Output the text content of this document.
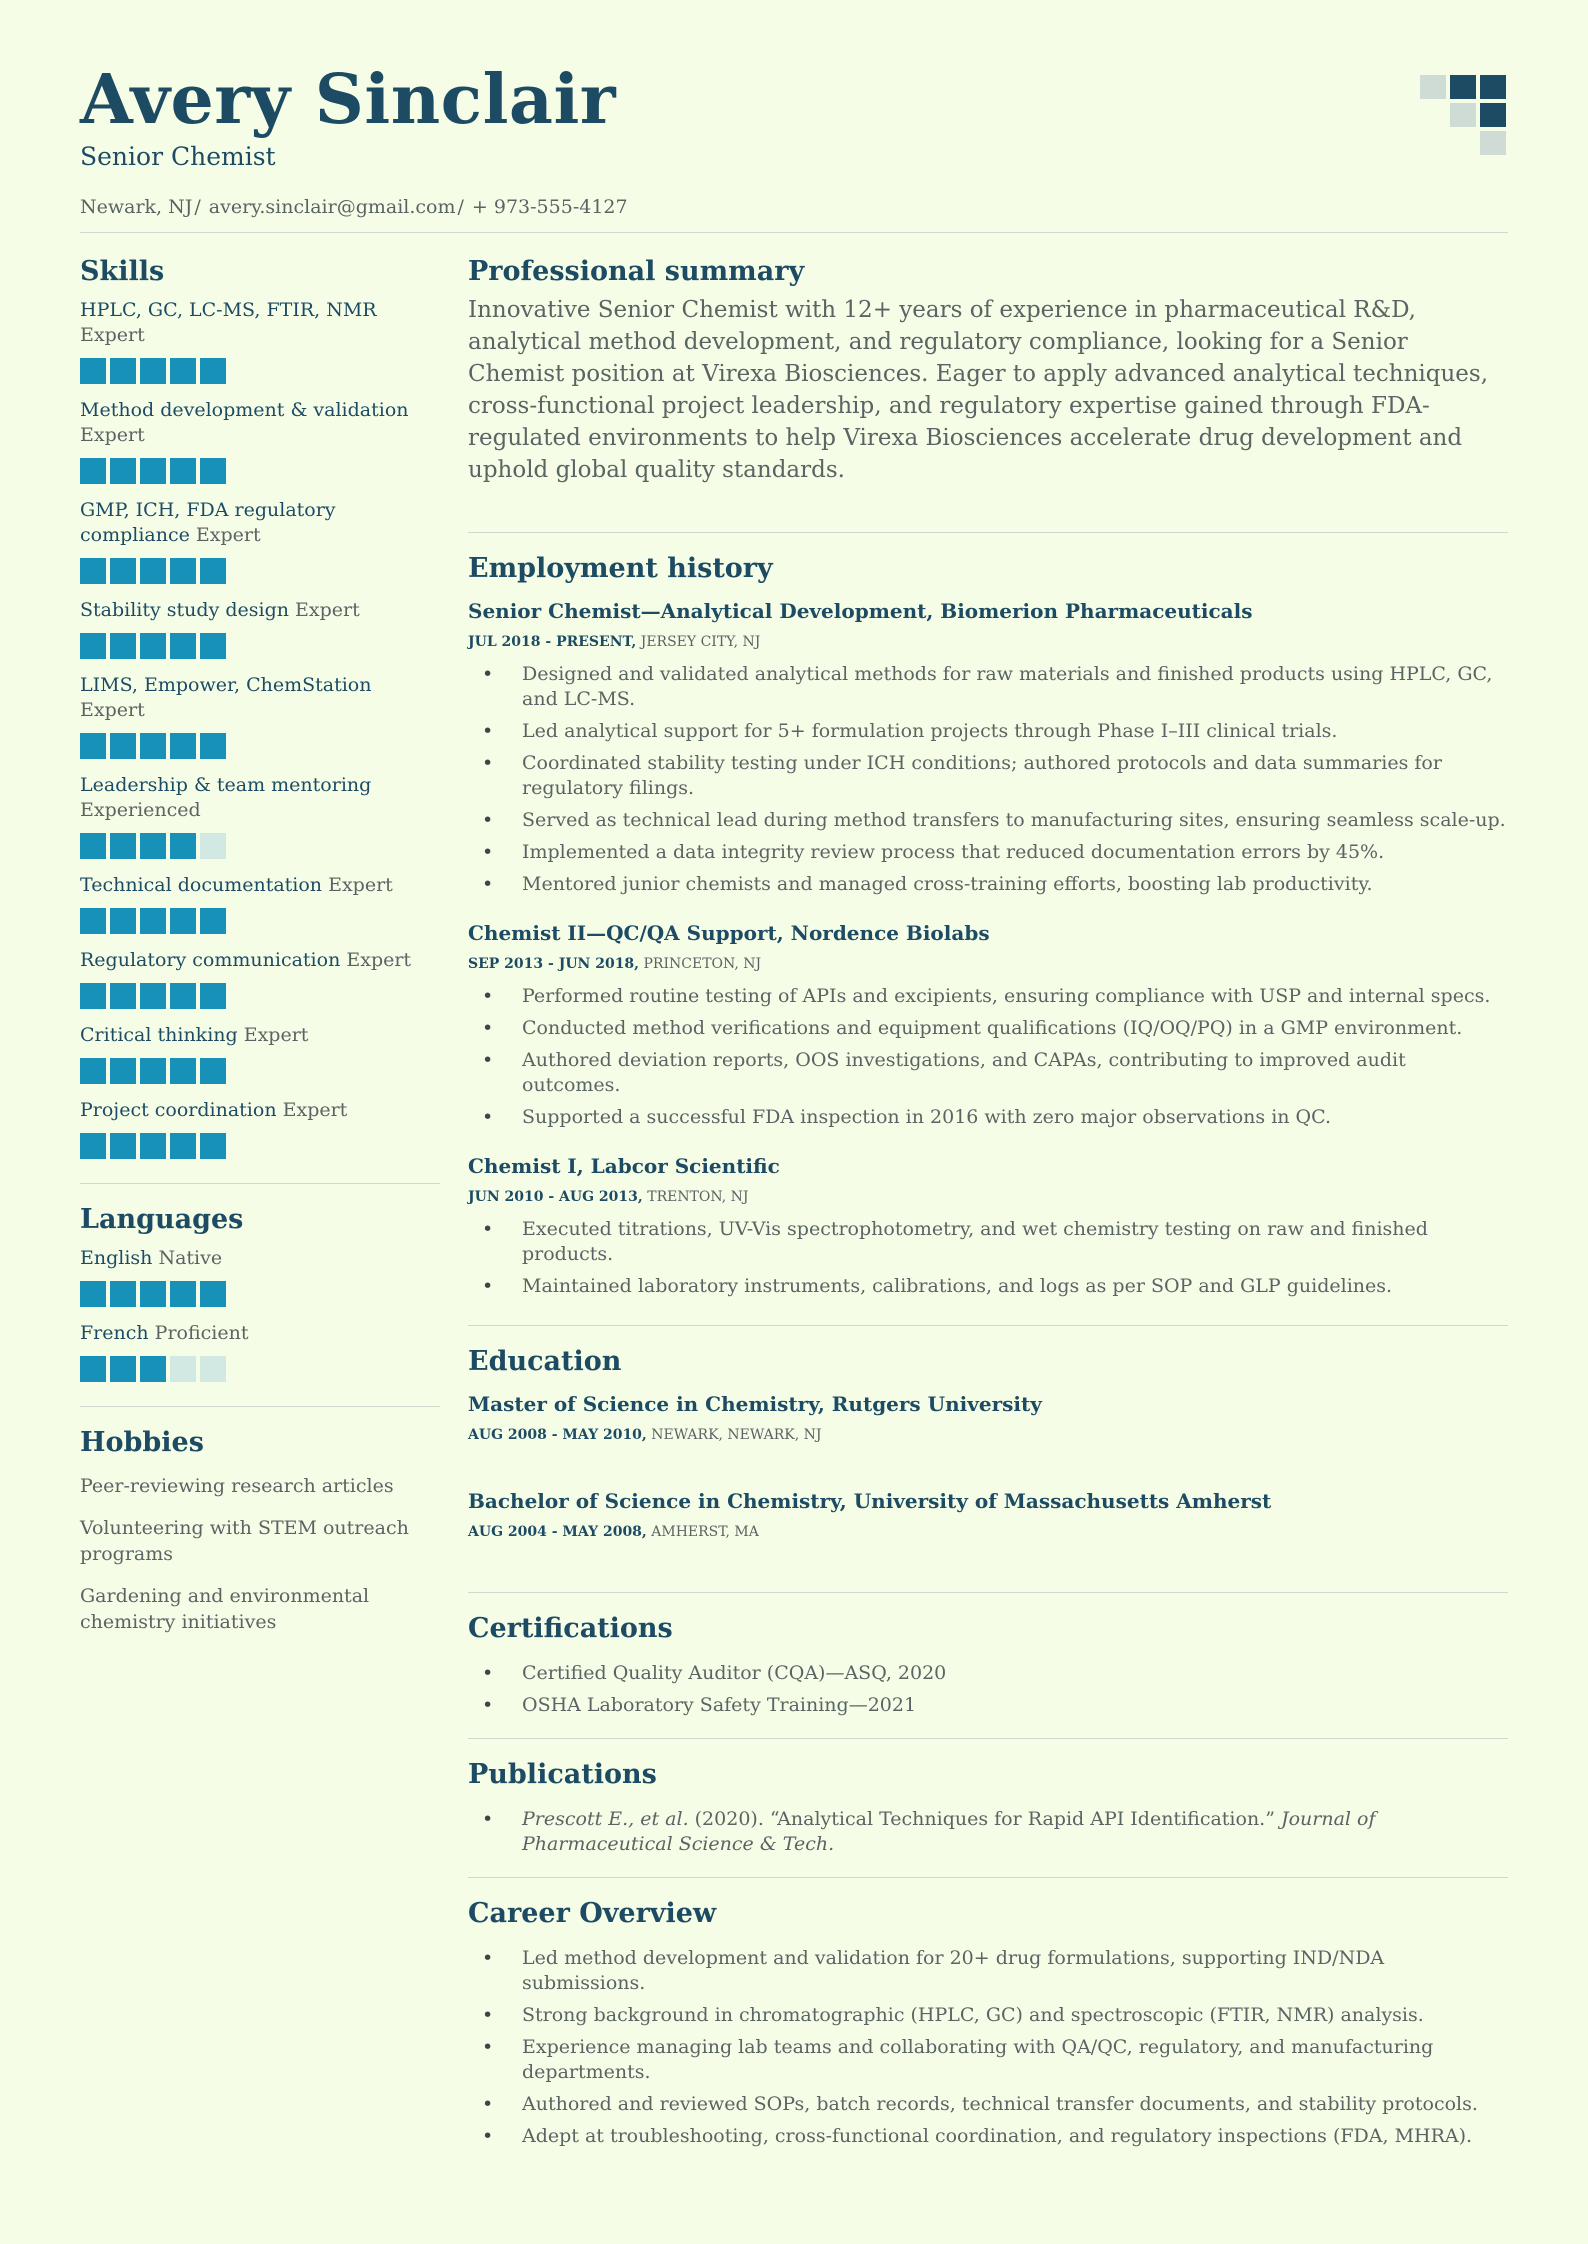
Avery Sinclair
Senior Chemist
Newark, NJ / avery.sinclair@gmail.com / + 973-555-4127
Skills
HPLC, GC, LC-MS, FTIR, NMR Expert
Method development & validation Expert
GMP, ICH, FDA regulatory compliance Expert
Stability study design Expert
LIMS, Empower, ChemStation Expert
Leadership & team mentoring Experienced
Technical documentation Expert
Regulatory communication Expert
Critical thinking Expert
Project coordination Expert
Languages
English Native
French Proficient
Hobbies
Peer-reviewing research articles
Volunteering with STEM outreach programs
Gardening and environmental chemistry initiatives
Professional summary
Innovative Senior Chemist with 12+ years of experience in pharmaceutical R&D, analytical method development, and regulatory compliance, looking for a Senior Chemist position at Virexa Biosciences. Eager to apply advanced analytical techniques, cross-functional project leadership, and regulatory expertise gained through FDA-regulated environments to help Virexa Biosciences accelerate drug development and uphold global quality standards.
Employment history
Senior Chemist—Analytical Development, Biomerion Pharmaceuticals
JUL 2018 - PRESENT, JERSEY CITY, NJ
• Designed and validated analytical methods for raw materials and finished products using HPLC, GC, and LC-MS.
• Led analytical support for 5+ formulation projects through Phase I–III clinical trials.
• Coordinated stability testing under ICH conditions; authored protocols and data summaries for regulatory filings.
• Served as technical lead during method transfers to manufacturing sites, ensuring seamless scale-up.
• Implemented a data integrity review process that reduced documentation errors by 45%.
• Mentored junior chemists and managed cross-training efforts, boosting lab productivity.
Chemist II—QC/QA Support, Nordence Biolabs
SEP 2013 - JUN 2018, PRINCETON, NJ
• Performed routine testing of APIs and excipients, ensuring compliance with USP and internal specs.
• Conducted method verifications and equipment qualifications (IQ/OQ/PQ) in a GMP environment.
• Authored deviation reports, OOS investigations, and CAPAs, contributing to improved audit outcomes.
• Supported a successful FDA inspection in 2016 with zero major observations in QC.
Chemist I, Labcor Scientific
JUN 2010 - AUG 2013, TRENTON, NJ
• Executed titrations, UV-Vis spectrophotometry, and wet chemistry testing on raw and finished products.
• Maintained laboratory instruments, calibrations, and logs as per SOP and GLP guidelines.
Education
Master of Science in Chemistry, Rutgers University
AUG 2008 - MAY 2010, NEWARK, NEWARK, NJ
Bachelor of Science in Chemistry, University of Massachusetts Amherst
AUG 2004 - MAY 2008, AMHERST, MA
Certifications
• Certified Quality Auditor (CQA)—ASQ, 2020
• OSHA Laboratory Safety Training—2021
Publications
• Prescott E., et al. (2020). “Analytical Techniques for Rapid API Identification.” Journal of Pharmaceutical Science & Tech.
Career Overview
• Led method development and validation for 20+ drug formulations, supporting IND/NDA submissions.
• Strong background in chromatographic (HPLC, GC) and spectroscopic (FTIR, NMR) analysis.
• Experience managing lab teams and collaborating with QA/QC, regulatory, and manufacturing departments.
• Authored and reviewed SOPs, batch records, technical transfer documents, and stability protocols.
• Adept at troubleshooting, cross-functional coordination, and regulatory inspections (FDA, MHRA).
